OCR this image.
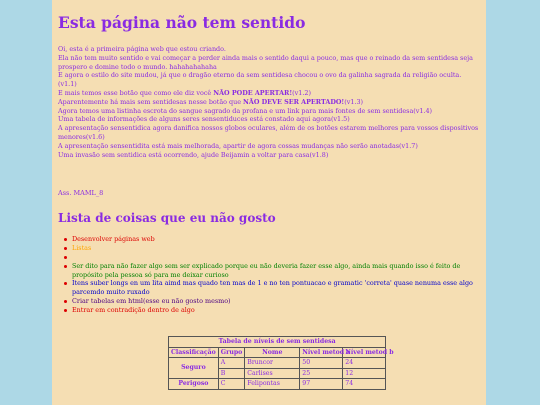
Esta página não tem sentido

Oi, esta é a primeira página web que estou criando.

Ela não tem muito sentido e vai começar a perder ainda mais o sentido daqui a pouco, mas que o reinado da sem sentidesa seja prospero e domine todo o mundo. hahahahahaha

E agora o estilo do site mudou, já que o dragão eterno da sem sentidesa chocou o ovo da galinha sagrada da religião oculta. (v1.1)

E mais temos esse botão que como ele diz você NÃO PODE APERTAR!(v1.2)

Aparentemente há mais sem sentidesas nesse botão que NÃO DEVE SER APERTADO!(v1.3)

Agora temos uma listinha escrota do sangue sagrado da profana e um link para mais fontes de sem sentidesa(v1.4)

Uma tabela de informações de alguns seres sensentiduces está constado aqui agora(v1.5)

A apresentação sensentidica agora danifica nossos globos oculares, além de os botões estarem melhores para vossos dispositivos menores(v1.6)

A apresentação sensentidita está mais melhorada, apartir de agora cossas mudanças não serão anotadas(v1.7)

Uma invasão sem sentidica está ocorrendo, ajude Beijamin a voltar para casa(v1.8)

Ass. MAML_8
Lista de coisas que eu não gosto
Desenvolver páginas web
Listas

Ser dito para não fazer algo sem ser explicado porque eu não deveria fazer esse algo, ainda mais quando isso é feito de propósito pela pessoa só para me deixar curioso
Itens suber longs en um lita aimd mas quado ten mas de 1 e no ten pontuacao e gramatic 'correta' quase nenuma esse algo parcemdo muito ruxado
Criar tabelas em html(esse eu não gosto mesmo)
Entrar em contradição dentro de algo
Tabela de níveis de sem sentidesa				
Classificação	Grupo	Nome	Nível metod a	Nível metod b
Seguro	A	Bruncor	50	24
	B	Carlises	25	12
Perigoso	C	Felipontas	97	74
